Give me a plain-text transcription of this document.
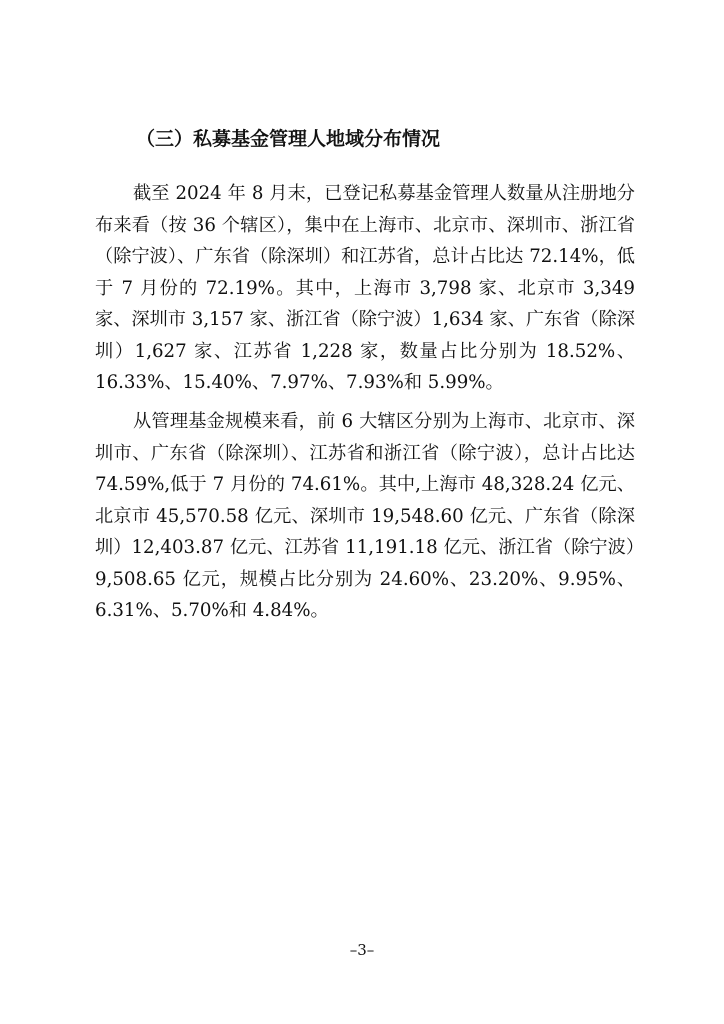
（三）私募基金管理人地域分布情况

截至 2024 年 8 月末，已登记私募基金管理人数量从注册地分布来看（按 36 个辖区），集中在上海市、北京市、深圳市、浙江省（除宁波）、广东省（除深圳）和江苏省，总计占比达 72.14%，低于 7 月份的 72.19%。其中，上海市 3,798 家、北京市 3,349 家、深圳市 3,157 家、浙江省（除宁波）1,634 家、广东省（除深圳）1,627 家、江苏省 1,228 家，数量占比分别为 18.52%、16.33%、15.40%、7.97%、7.93%和 5.99%。

从管理基金规模来看，前 6 大辖区分别为上海市、北京市、深圳市、广东省（除深圳）、江苏省和浙江省（除宁波），总计占比达 74.59%,低于 7 月份的 74.61%。其中,上海市 48,328.24 亿元、北京市 45,570.58 亿元、深圳市 19,548.60 亿元、广东省（除深圳）12,403.87 亿元、江苏省 11,191.18 亿元、浙江省（除宁波）9,508.65 亿元，规模占比分别为 24.60%、23.20%、9.95%、6.31%、5.70%和 4.84%。

–3–
